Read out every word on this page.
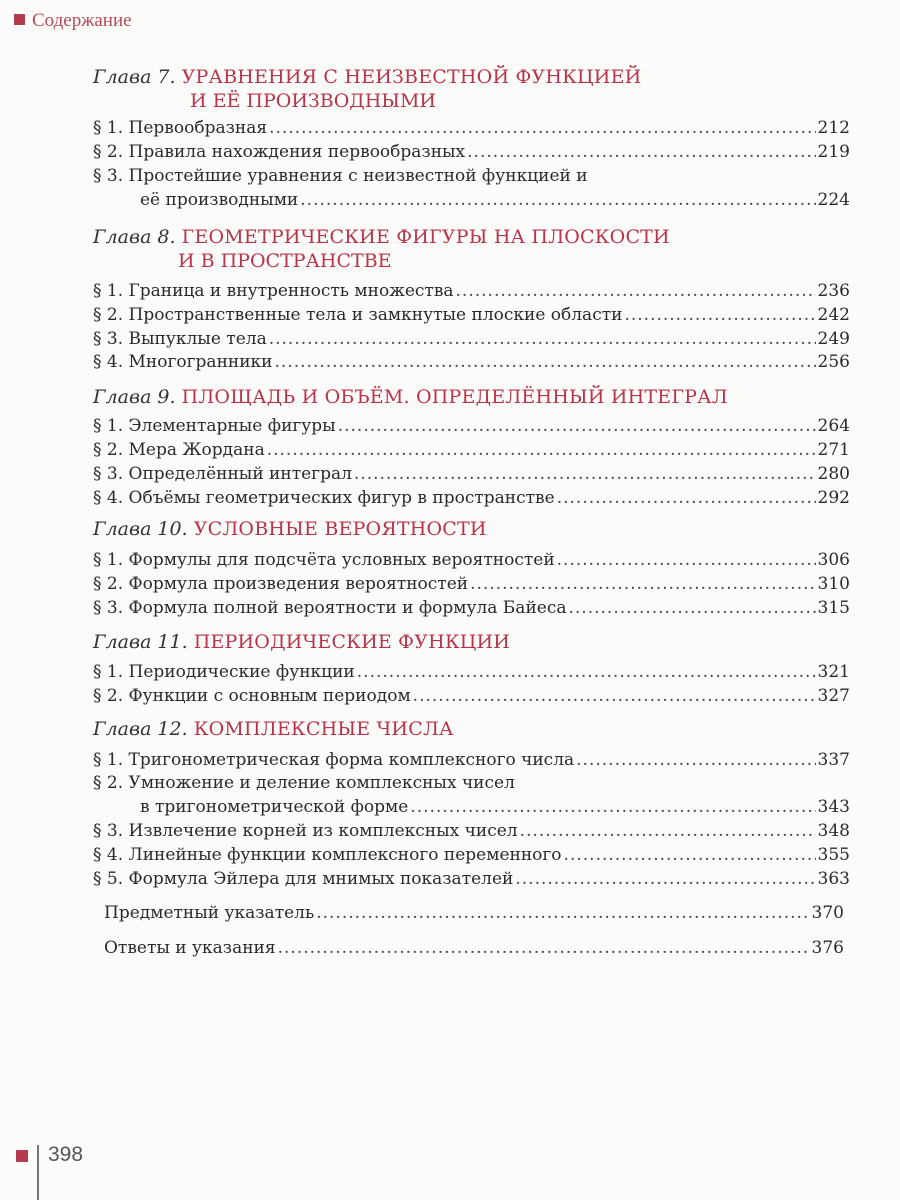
Содержание
Глава 7. УРАВНЕНИЯ С НЕИЗВЕСТНОЙ ФУНКЦИЕЙ
И ЕЁ ПРОИЗВОДНЫМИ
§ 1. Первообразная .....	212
§ 2. Правила нахождения первообразных .....	219
§ 3. Простейшие уравнения с неизвестной функцией и
её производными .....	224
Глава 8. ГЕОМЕТРИЧЕСКИЕ ФИГУРЫ НА ПЛОСКОСТИ
И В ПРОСТРАНСТВЕ
§ 1. Граница и внутренность множества .....	236
§ 2. Пространственные тела и замкнутые плоские области .....	242
§ 3. Выпуклые тела .....	249
§ 4. Многогранники .....	256
Глава 9. ПЛОЩАДЬ И ОБЪЁМ. ОПРЕДЕЛЁННЫЙ ИНТЕГРАЛ
§ 1. Элементарные фигуры .....	264
§ 2. Мера Жордана .....	271
§ 3. Определённый интеграл .....	280
§ 4. Объёмы геометрических фигур в пространстве .....	292
Глава 10. УСЛОВНЫЕ ВЕРОЯТНОСТИ
§ 1. Формулы для подсчёта условных вероятностей .....	306
§ 2. Формула произведения вероятностей .....	310
§ 3. Формула полной вероятности и формула Байеса .....	315
Глава 11. ПЕРИОДИЧЕСКИЕ ФУНКЦИИ
§ 1. Периодические функции .....	321
§ 2. Функции с основным периодом .....	327
Глава 12. КОМПЛЕКСНЫЕ ЧИСЛА
§ 1. Тригонометрическая форма комплексного числа .....	337
§ 2. Умножение и деление комплексных чисел
в тригонометрической форме .....	343
§ 3. Извлечение корней из комплексных чисел .....	348
§ 4. Линейные функции комплексного переменного .....	355
§ 5. Формула Эйлера для мнимых показателей .....	363
Предметный указатель .....	370
Ответы и указания .....	376
398
